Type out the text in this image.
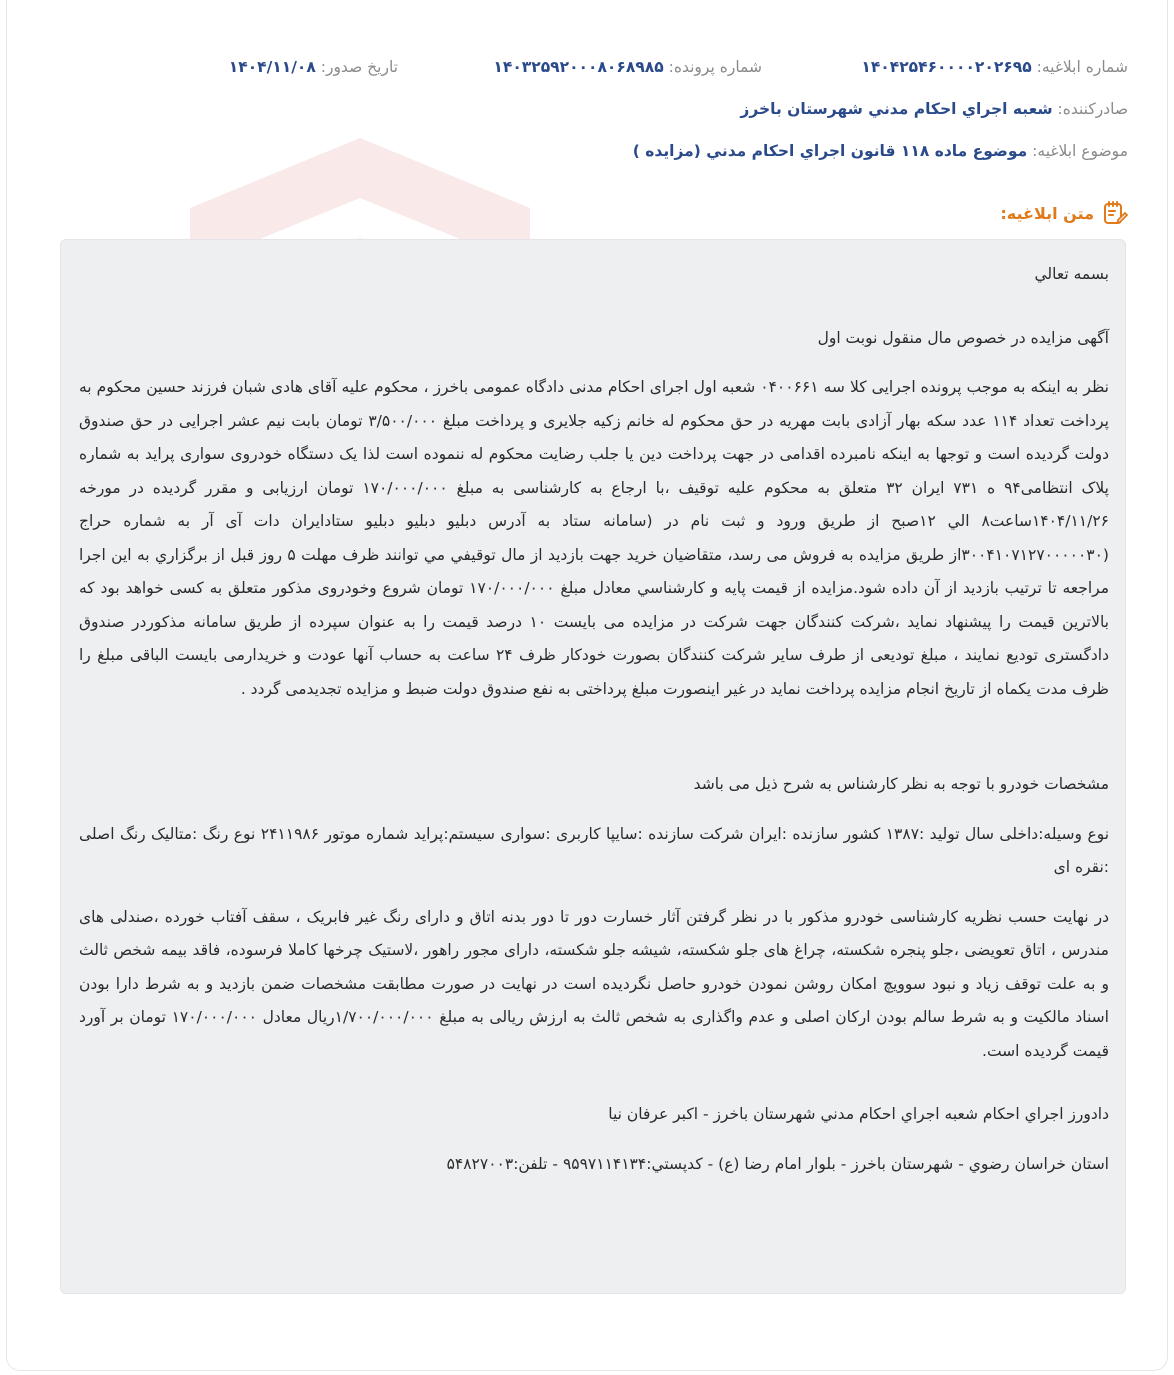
شماره ابلاغيه: ۱۴۰۴۲۵۴۶۰۰۰۰۲۰۲۶۹۵
شماره پرونده: ۱۴۰۳۲۵۹۲۰۰۰۸۰۶۸۹۸۵
تاريخ صدور: ۱۴۰۴/۱۱/۰۸
صادرکننده: شعبه اجراي احکام مدني شهرستان باخرز
موضوع ابلاغيه: موضوع ماده ۱۱۸ قانون اجراي احکام مدني (مزايده )
متن ابلاغيه:

بسمه تعالي

آگهی مزایده در خصوص مال منقول نوبت اول

نظر به اینکه به موجب پرونده اجرایی کلا سه ۰۴۰۰۶۶۱ شعبه اول اجرای احکام مدنی دادگاه عمومی باخرز ، محکوم علیه آقای هادی شبان فرزند حسین محکوم به پرداخت تعداد ۱۱۴ عدد سکه بهار آزادی بابت مهریه در حق محکوم له خانم زکیه جلایری و پرداخت مبلغ ۳/۵۰۰/۰۰۰ تومان بابت نیم عشر اجرایی در حق صندوق دولت گردیده است و توجها به اینکه نامبرده اقدامی در جهت پرداخت دین یا جلب رضایت محکوم له ننموده است لذا یک دستگاه خودروی سواری پراید به شماره پلاک انتظامی۹۴ ه ۷۳۱ ایران ۳۲ متعلق به محکوم علیه توقیف ،با ارجاع به کارشناسی به مبلغ ۱۷۰/۰۰۰/۰۰۰ تومان ارزیابی و مقرر گردیده در مورخه ۱۴۰۴/۱۱/۲۶ساعت۸ الي ۱۲صبح از طریق ورود و ثبت نام در (سامانه ستاد به آدرس دبلیو دبلیو دبلیو ستادایران دات آی آر به شماره حراج (۳۰۰۴۱۰۷۱۲۷۰۰۰۰۰۳۰از طریق مزایده به فروش می رسد، متقاضیان خرید جهت بازدید از مال توقیفي مي توانند ظرف مهلت ۵ روز قبل از برگزاري به این اجرا مراجعه تا ترتیب بازدید از آن داده شود.مزایده از قیمت پایه و کارشناسي معادل مبلغ ۱۷۰/۰۰۰/۰۰۰ تومان شروع وخودروی مذکور متعلق به کسی خواهد بود که بالاترین قیمت را پیشنهاد نماید ،شرکت کنندگان جهت شرکت در مزایده می بایست ۱۰ درصد قیمت را به عنوان سپرده از طریق سامانه مذکوردر صندوق دادگستری تودیع نمایند ، مبلغ تودیعی از طرف سایر شرکت کنندگان بصورت خودکار ظرف ۲۴ ساعت به حساب آنها عودت و خریدارمی بایست الباقی مبلغ را ظرف مدت یکماه از تاریخ انجام مزایده پرداخت نماید در غیر اینصورت مبلغ پرداختی به نفع صندوق دولت ضبط و مزایده تجدیدمی گردد .

مشخصات خودرو با توجه به نظر کارشناس به شرح ذیل می باشد

نوع وسیله:داخلی سال تولید :۱۳۸۷ کشور سازنده :ایران شرکت سازنده :سایپا کاربری :سواری سیستم:پراید شماره موتور ۲۴۱۱۹۸۶ نوع رنگ :متالیک رنگ اصلی :نقره ای

در نهایت حسب نظریه کارشناسی خودرو مذکور با در نظر گرفتن آثار خسارت دور تا دور بدنه اتاق و دارای رنگ غیر فابریک ، سقف آفتاب خورده ،صندلی های مندرس ، اتاق تعویضی ،جلو پنجره شکسته، چراغ های جلو شکسته، شیشه جلو شکسته، دارای مجور راهور ،لاستیک چرخها کاملا فرسوده، فاقد بیمه شخص ثالث و به علت توقف زیاد و نبود سوویچ امکان روشن نمودن خودرو حاصل نگردیده است در نهایت در صورت مطابقت مشخصات ضمن بازدید و به شرط دارا بودن اسناد مالکیت و به شرط سالم بودن ارکان اصلی و عدم واگذاری به شخص ثالث به ارزش ریالی به مبلغ ۱/۷۰۰/۰۰۰/۰۰۰ریال معادل ۱۷۰/۰۰۰/۰۰۰ تومان بر آورد قیمت گردیده است.

دادورز اجراي احکام شعبه اجراي احکام مدني شهرستان باخرز - اکبر عرفان نيا

استان خراسان رضوي - شهرستان باخرز - بلوار امام رضا (ع) - کدپستي:۹۵۹۷۱۱۴۱۳۴ - تلفن:۵۴۸۲۷۰۰۳
